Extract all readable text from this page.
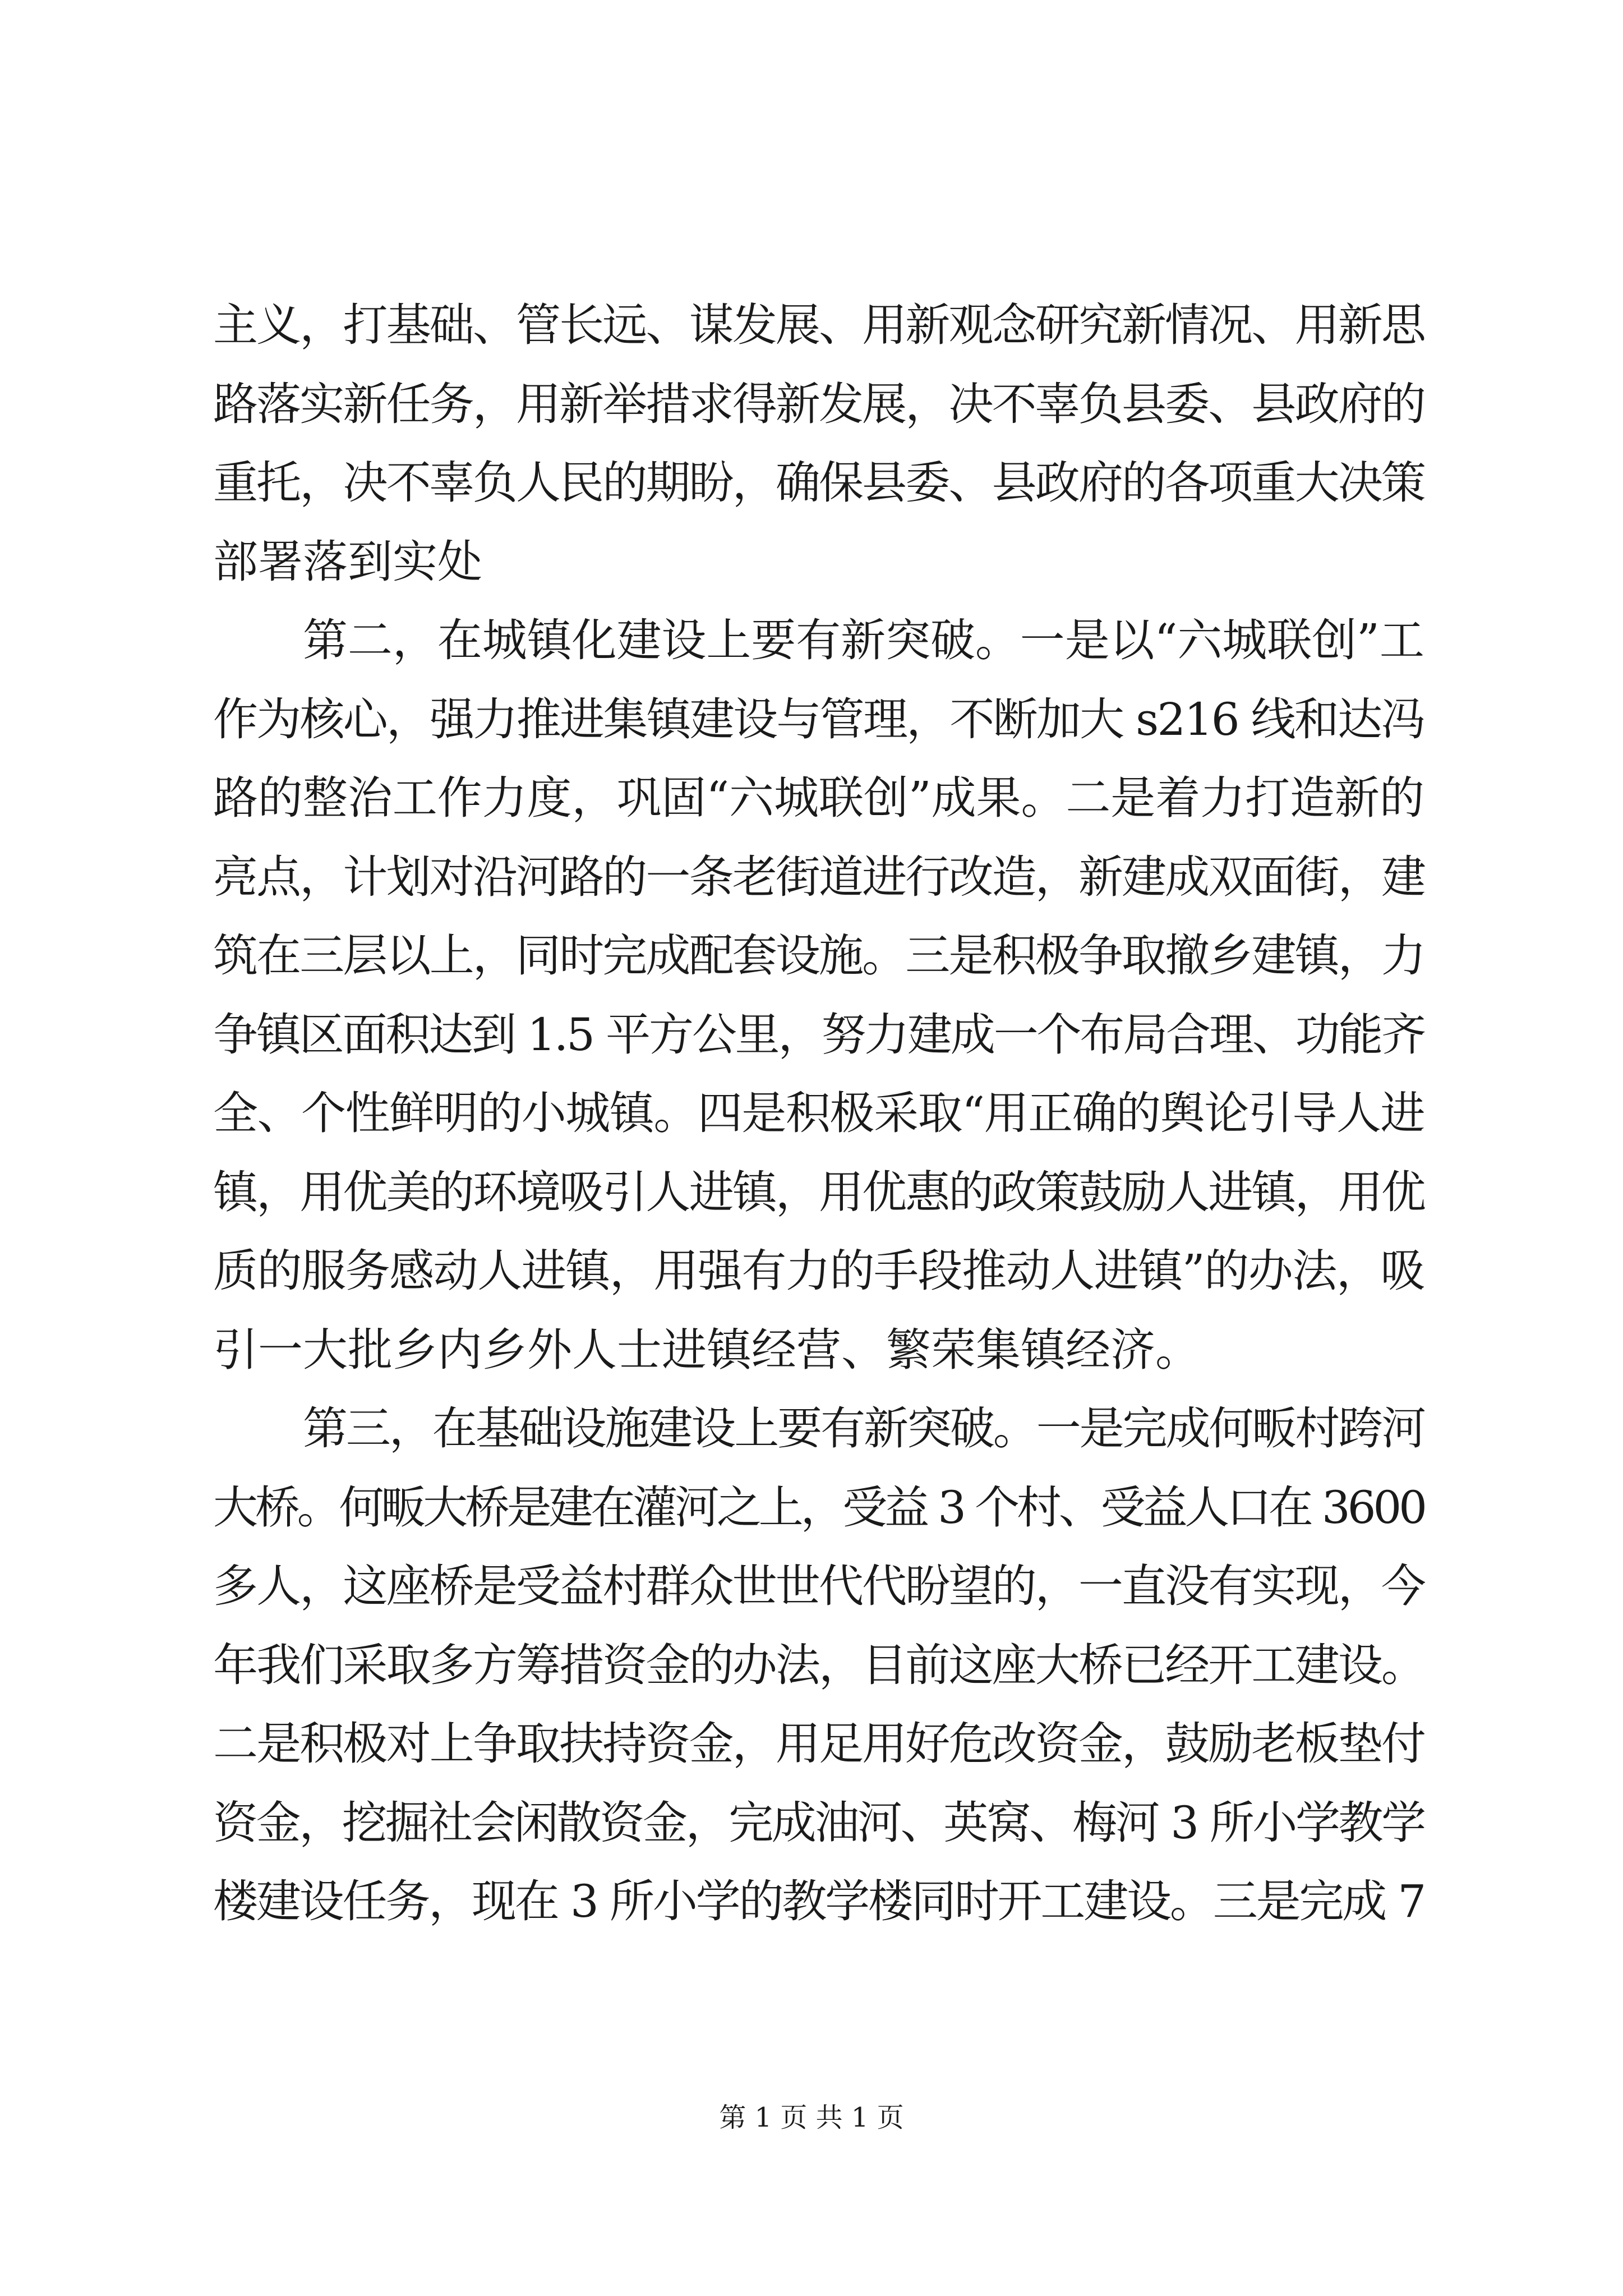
主义，打基础、管长远、谋发展、用新观念研究新情况、用新思
路落实新任务，用新举措求得新发展，决不辜负县委、县政府的
重托，决不辜负人民的期盼，确保县委、县政府的各项重大决策
部署落到实处
第二，在城镇化建设上要有新突破。一是以“六城联创”工
作为核心，强力推进集镇建设与管理，不断加大 s216 线和达冯
路的整治工作力度，巩固“六城联创”成果。二是着力打造新的
亮点，计划对沿河路的一条老街道进行改造，新建成双面街，建
筑在三层以上，同时完成配套设施。三是积极争取撤乡建镇，力
争镇区面积达到 1.5 平方公里，努力建成一个布局合理、功能齐
全、个性鲜明的小城镇。四是积极采取“用正确的舆论引导人进
镇，用优美的环境吸引人进镇，用优惠的政策鼓励人进镇，用优
质的服务感动人进镇，用强有力的手段推动人进镇”的办法，吸
引一大批乡内乡外人士进镇经营、繁荣集镇经济。
第三，在基础设施建设上要有新突破。一是完成何畈村跨河
大桥。何畈大桥是建在灌河之上，受益 3 个村、受益人口在 3600
多人，这座桥是受益村群众世世代代盼望的，一直没有实现，今
年我们采取多方筹措资金的办法，目前这座大桥已经开工建设。
二是积极对上争取扶持资金，用足用好危改资金，鼓励老板垫付
资金，挖掘社会闲散资金，完成油河、英窝、梅河 3 所小学教学
楼建设任务，现在 3 所小学的教学楼同时开工建设。三是完成 7
第 1 页 共 1 页
